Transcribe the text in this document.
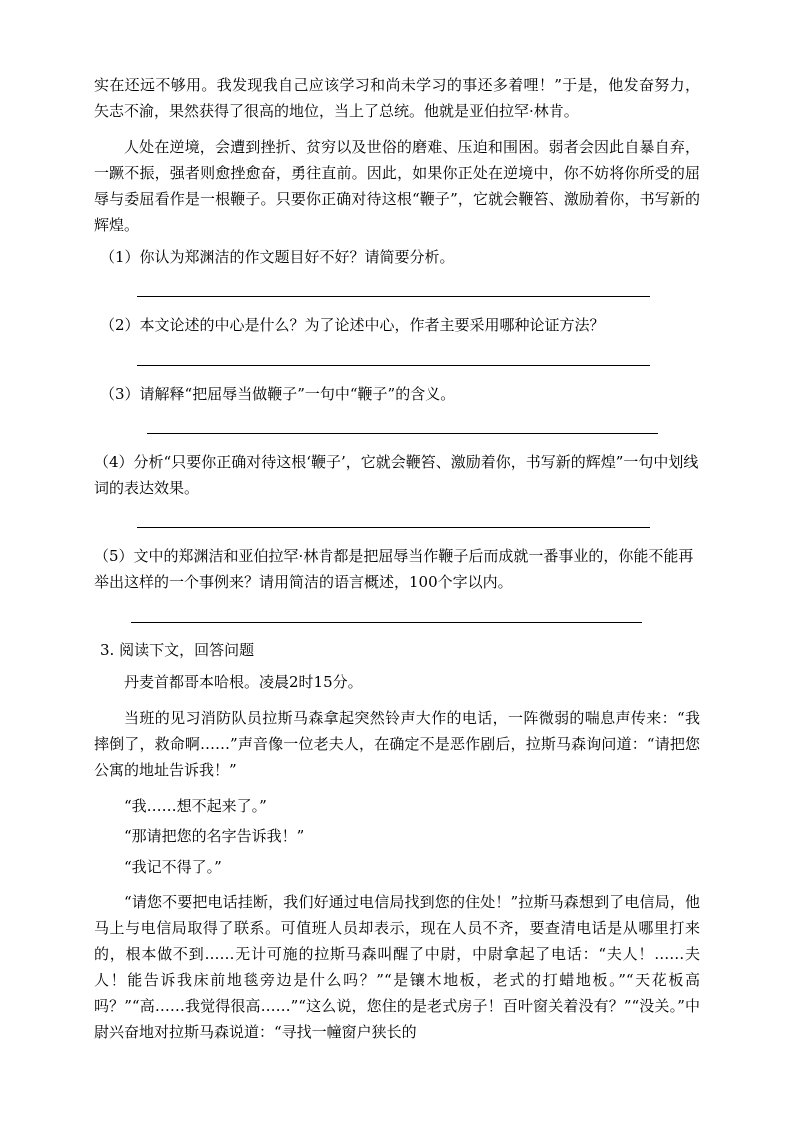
实在还远不够用。我发现我自己应该学习和尚未学习的事还多着哩！”于是，他发奋努力，矢志不渝，果然获得了很高的地位，当上了总统。他就是亚伯拉罕·林肯。

人处在逆境，会遭到挫折、贫穷以及世俗的磨难、压迫和围困。弱者会因此自暴自弃，一蹶不振，强者则愈挫愈奋，勇往直前。因此，如果你正处在逆境中，你不妨将你所受的屈辱与委屈看作是一根鞭子。只要你正确对待这根“鞭子”，它就会鞭笞、激励着你，书写新的辉煌。

（1）你认为郑渊洁的作文题目好不好？请简要分析。

（2）本文论述的中心是什么？为了论述中心，作者主要采用哪种论证方法？

（3）请解释“把屈辱当做鞭子”一句中“鞭子”的含义。

（4）分析“只要你正确对待这根‘鞭子’，它就会鞭笞、激励着你，书写新的辉煌”一句中划线词的表达效果。

（5）文中的郑渊洁和亚伯拉罕·林肯都是把屈辱当作鞭子后而成就一番事业的，你能不能再举出这样的一个事例来？请用简洁的语言概述，100个字以内。

3. 阅读下文，回答问题

丹麦首都哥本哈根。凌晨2时15分。

当班的见习消防队员拉斯马森拿起突然铃声大作的电话，一阵微弱的喘息声传来：“我摔倒了，救命啊……”声音像一位老夫人，在确定不是恶作剧后，拉斯马森询问道：“请把您公寓的地址告诉我！”

“我……想不起来了。”

“那请把您的名字告诉我！”

“我记不得了。”

“请您不要把电话挂断，我们好通过电信局找到您的住处！”拉斯马森想到了电信局，他马上与电信局取得了联系。可值班人员却表示，现在人员不齐，要查清电话是从哪里打来的，根本做不到……无计可施的拉斯马森叫醒了中尉，中尉拿起了电话：“夫人！……夫人！能告诉我床前地毯旁边是什么吗？”“是镶木地板，老式的打蜡地板。”“天花板高吗？”“高……我觉得很高……”“这么说，您住的是老式房子！百叶窗关着没有？”“没关。”中尉兴奋地对拉斯马森说道：“寻找一幢窗户狭长的
